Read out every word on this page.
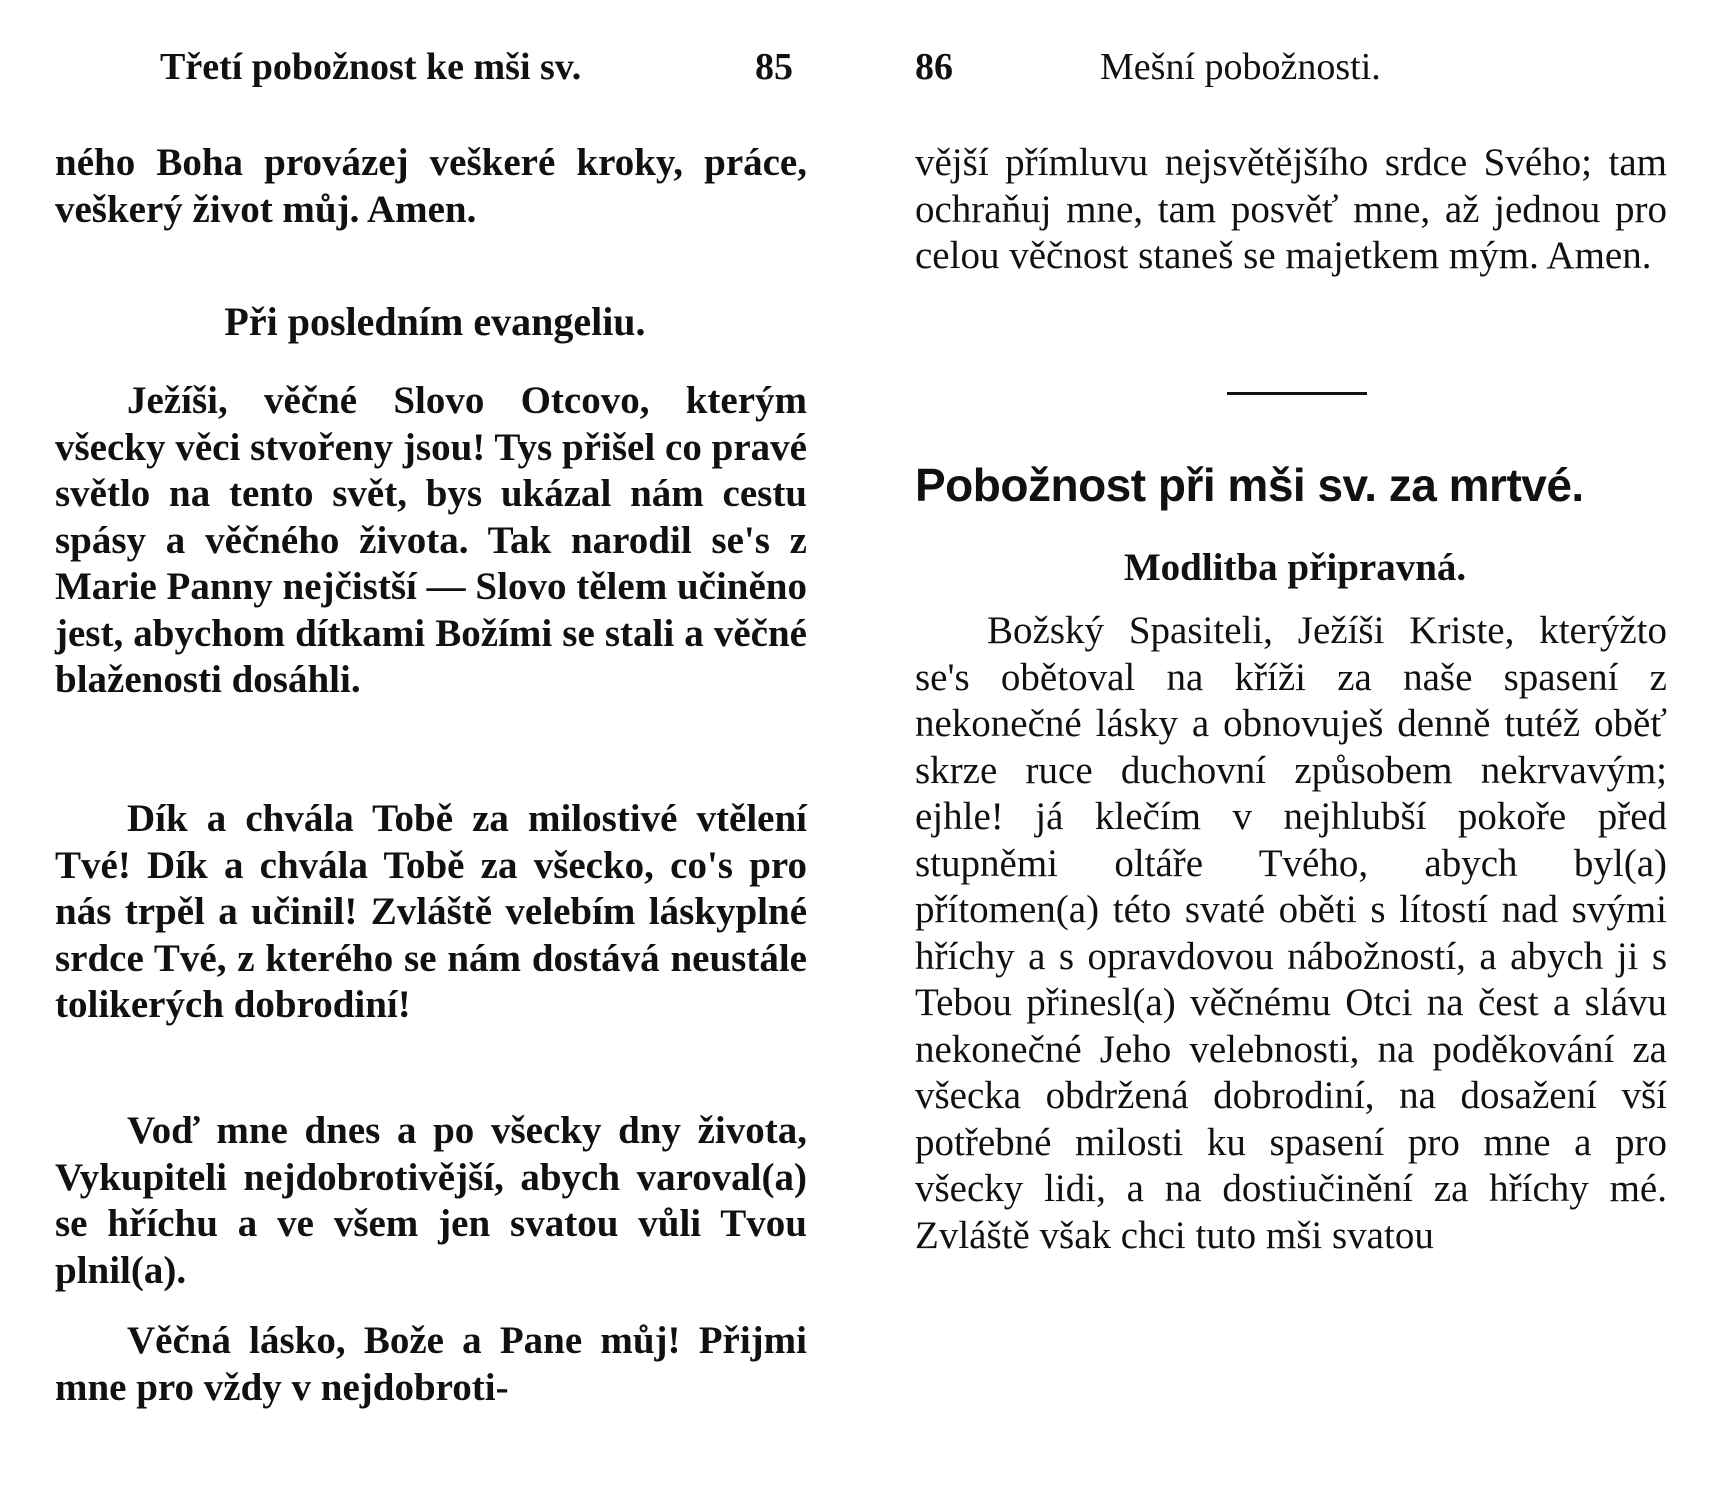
Třetí pobožnost ke mši sv.	85

ného Boha provázej veškeré kroky, práce, veškerý život můj. Amen.

Při posledním evangeliu.

Ježíši, věčné Slovo Otcovo, kterým všecky věci stvořeny jsou! Tys přišel co pravé světlo na tento svět, bys ukázal nám cestu spásy a věčného života. Tak narodil se's z Marie Panny nejčistší — Slovo tělem učiněno jest, abychom dítkami Božími se stali a věčné blaženosti dosáhli.

Dík a chvála Tobě za milostivé vtělení Tvé! Dík a chvála Tobě za všecko, co's pro nás trpěl a učinil! Zvláště velebím láskyplné srdce Tvé, z kterého se nám dostává neustále tolikerých dobrodiní!

Voď mne dnes a po všecky dny života, Vykupiteli nejdobrotivější, abych varoval(a) se hříchu a ve všem jen svatou vůli Tvou plnil(a).

Věčná lásko, Bože a Pane můj! Přijmi mne pro vždy v nejdobroti-

86	Mešní pobožnosti.

vější přímluvu nejsvětějšího srdce Svého; tam ochraňuj mne, tam posvěť mne, až jednou pro celou věčnost staneš se majetkem mým. Amen.

Pobožnost při mši sv. za mrtvé.
Modlitba připravná.

Božský Spasiteli, Ježíši Kriste, kterýžto se's obětoval na kříži za naše spasení z nekonečné lásky a obnovuješ denně tutéž oběť skrze ruce duchovní způsobem nekrvavým; ejhle! já klečím v nejhlubší pokoře před stupněmi oltáře Tvého, abych byl(a) přítomen(a) této svaté oběti s lítostí nad svými hříchy a s opravdovou nábožností, a abych ji s Tebou přinesl(a) věčnému Otci na čest a slávu nekonečné Jeho velebnosti, na poděkování za všecka obdržená dobrodiní, na dosažení vší potřebné milosti ku spasení pro mne a pro všecky lidi, a na dostiučinění za hříchy mé. Zvláště však chci tuto mši svatou
